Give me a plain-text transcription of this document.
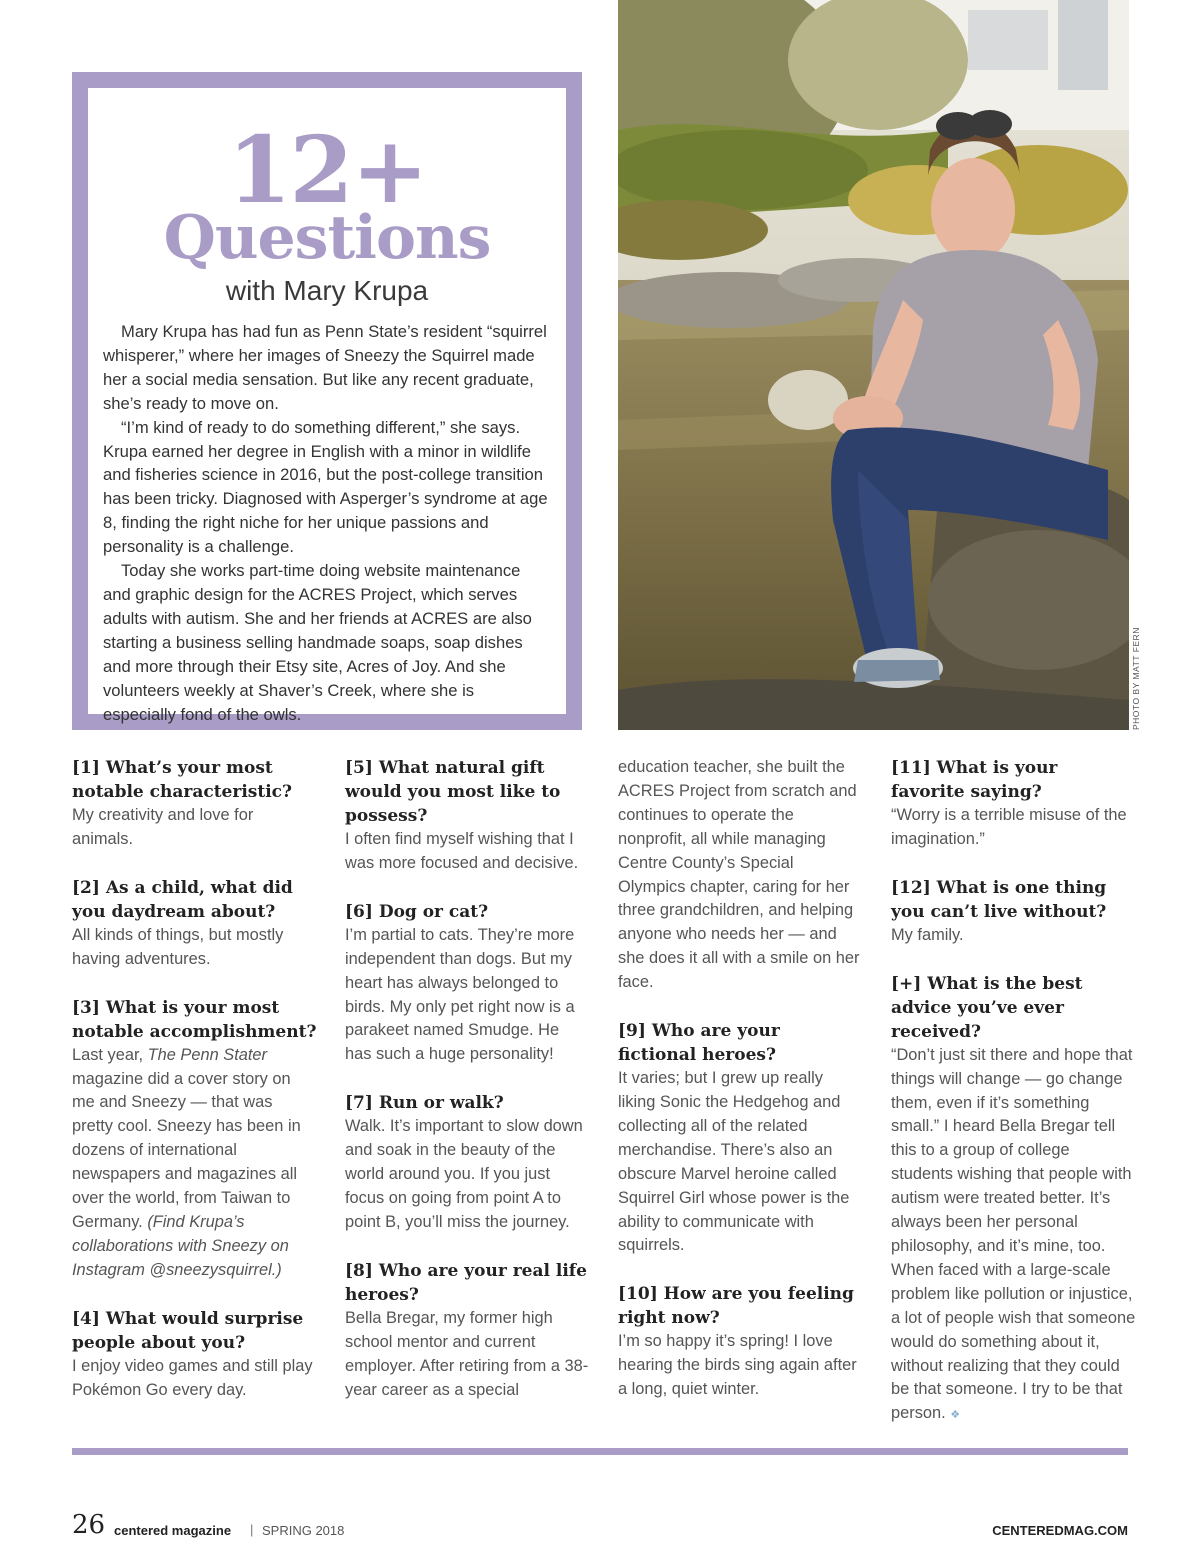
12+
Questions
with Mary Krupa

Mary Krupa has had fun as Penn State’s resident “squirrel whisperer,” where her images of Sneezy the Squirrel made her a social media sensation. But like any recent graduate, she’s ready to move on.

“I’m kind of ready to do something different,” she says. Krupa earned her degree in English with a minor in wildlife and fisheries science in 2016, but the post-college transition has been tricky. Diagnosed with Asperger’s syndrome at age 8, finding the right niche for her unique passions and personality is a challenge.

Today she works part-time doing website maintenance and graphic design for the ACRES Project, which serves adults with autism. She and her friends at ACRES are also starting a business selling handmade soaps, soap dishes and more through their Etsy site, Acres of Joy. And she volunteers weekly at Shaver’s Creek, where she is especially fond of the owls.	PHOTO BY MATT FERN

[1] What’s your most notable characteristic?

My creativity and love for animals.

[2] As a child, what did you daydream about?

All kinds of things, but mostly having adventures.

[3] What is your most notable accomplishment?

Last year, The Penn Stater magazine did a cover story on me and Sneezy — that was pretty cool. Sneezy has been in dozens of international newspapers and magazines all over the world, from Taiwan to Germany. (Find Krupa’s collaborations with Sneezy on Instagram @sneezysquirrel.)

[4] What would surprise people about you?

I enjoy video games and still play Pokémon Go every day.

[5] What natural gift would you most like to possess?

I often find myself wishing that I was more focused and decisive.

[6] Dog or cat?

I’m partial to cats. They’re more independent than dogs. But my heart has always belonged to birds. My only pet right now is a parakeet named Smudge. He has such a huge personality!

[7] Run or walk?

Walk. It’s important to slow down and soak in the beauty of the world around you. If you just focus on going from point A to point B, you’ll miss the journey.

[8] Who are your real life heroes?

Bella Bregar, my former high school mentor and current employer. After retiring from a 38-year career as a special

education teacher, she built the ACRES Project from scratch and continues to operate the nonprofit, all while managing Centre County’s Special Olympics chapter, caring for her three grandchildren, and helping anyone who needs her — and she does it all with a smile on her face.

[9] Who are your fictional heroes?

It varies; but I grew up really liking Sonic the Hedgehog and collecting all of the related merchandise. There’s also an obscure Marvel heroine called Squirrel Girl whose power is the ability to communicate with squirrels.

[10] How are you feeling right now?

I’m so happy it’s spring! I love hearing the birds sing again after a long, quiet winter.

[11] What is your favorite saying?

“Worry is a terrible misuse of the imagination.”

[12] What is one thing you can’t live without?

My family.

[+] What is the best advice you’ve ever received?

“Don’t just sit there and hope that things will change — go change them, even if it’s something small.” I heard Bella Bregar tell this to a group of college students wishing that people with autism were treated better. It’s always been her personal philosophy, and it’s mine, too. When faced with a large-scale problem like pollution or injustice, a lot of people wish that someone would do something about it, without realizing that they could be that someone. I try to be that person. ❖

26 centered magazine | SPRING 2018	CENTEREDMAG.COM
